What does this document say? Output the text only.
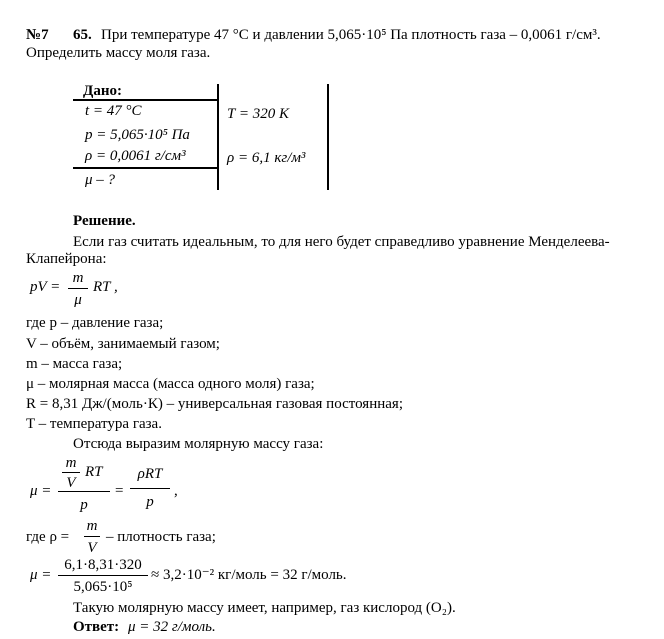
№7 65. При температуре 47 °С и давлении 5,065·10⁵ Па плотность газа – 0,0061 г/см³.
Определить массу моля газа.
Дано:
t = 47 °C
p = 5,065·10⁵ Па
ρ = 0,0061 г/см³
μ – ?
T = 320 К
ρ = 6,1 кг/м³
Решение.
Если газ считать идеальным, то для него будет справедливо уравнение Менделеева-
Клапейрона:
pV =
m
μ
RT ,
где p – давление газа;
V – объём, занимаемый газом;
m – масса газа;
μ – молярная масса (масса одного моля) газа;
R = 8,31 Дж/(моль·К) – универсальная газовая постоянная;
T – температура газа.
Отсюда выразим молярную массу газа:
μ =
m
V
RT
p
=
ρRT
p
,
где ρ =
m
V
– плотность газа;
μ =
6,1·8,31·320
5,065·10⁵
≈ 3,2·10⁻² кг/моль = 32 г/моль.
Такую молярную массу имеет, например, газ кислород (O₂).
Ответ: μ = 32 г/моль.
